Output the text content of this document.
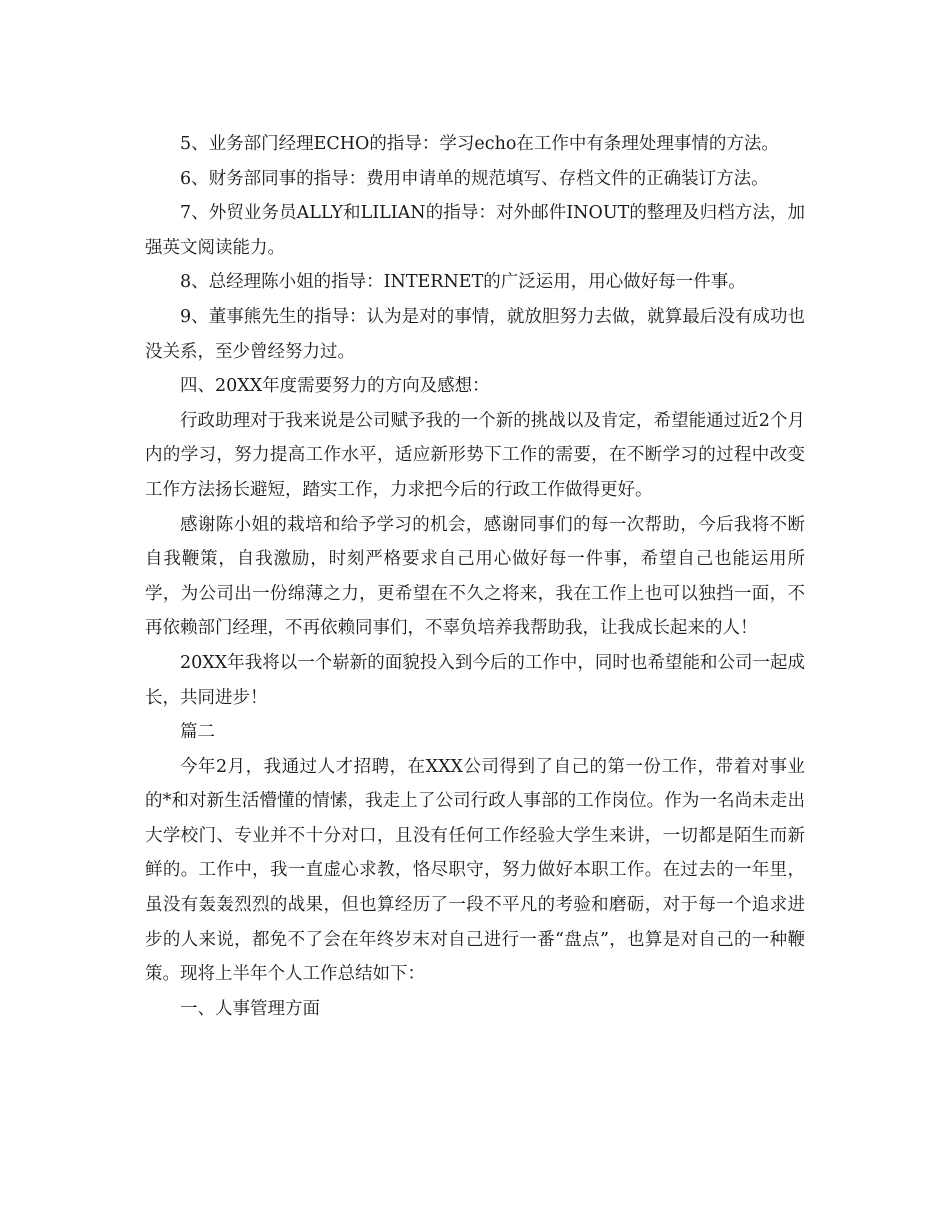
5、业务部门经理ECHO的指导：学习echo在工作中有条理处理事情的方法。

6、财务部同事的指导：费用申请单的规范填写、存档文件的正确装订方法。

7、外贸业务员ALLY和LILIAN的指导：对外邮件INOUT的整理及归档方法，加强英文阅读能力。

8、总经理陈小姐的指导：INTERNET的广泛运用，用心做好每一件事。

9、董事熊先生的指导：认为是对的事情，就放胆努力去做，就算最后没有成功也没关系，至少曾经努力过。

四、20XX年度需要努力的方向及感想：

行政助理对于我来说是公司赋予我的一个新的挑战以及肯定，希望能通过近2个月内的学习，努力提高工作水平，适应新形势下工作的需要，在不断学习的过程中改变工作方法扬长避短，踏实工作，力求把今后的行政工作做得更好。

感谢陈小姐的栽培和给予学习的机会，感谢同事们的每一次帮助，今后我将不断自我鞭策，自我激励，时刻严格要求自己用心做好每一件事，希望自己也能运用所学，为公司出一份绵薄之力，更希望在不久之将来，我在工作上也可以独挡一面，不再依赖部门经理，不再依赖同事们，不辜负培养我帮助我，让我成长起来的人！

20XX年我将以一个崭新的面貌投入到今后的工作中，同时也希望能和公司一起成长，共同进步！

篇二

今年2月，我通过人才招聘，在XXX公司得到了自己的第一份工作，带着对事业的*和对新生活懵懂的情愫，我走上了公司行政人事部的工作岗位。作为一名尚未走出大学校门、专业并不十分对口，且没有任何工作经验大学生来讲，一切都是陌生而新鲜的。工作中，我一直虚心求教，恪尽职守，努力做好本职工作。在过去的一年里，虽没有轰轰烈烈的战果，但也算经历了一段不平凡的考验和磨砺，对于每一个追求进步的人来说，都免不了会在年终岁末对自己进行一番“盘点”，也算是对自己的一种鞭策。现将上半年个人工作总结如下：

一、人事管理方面
